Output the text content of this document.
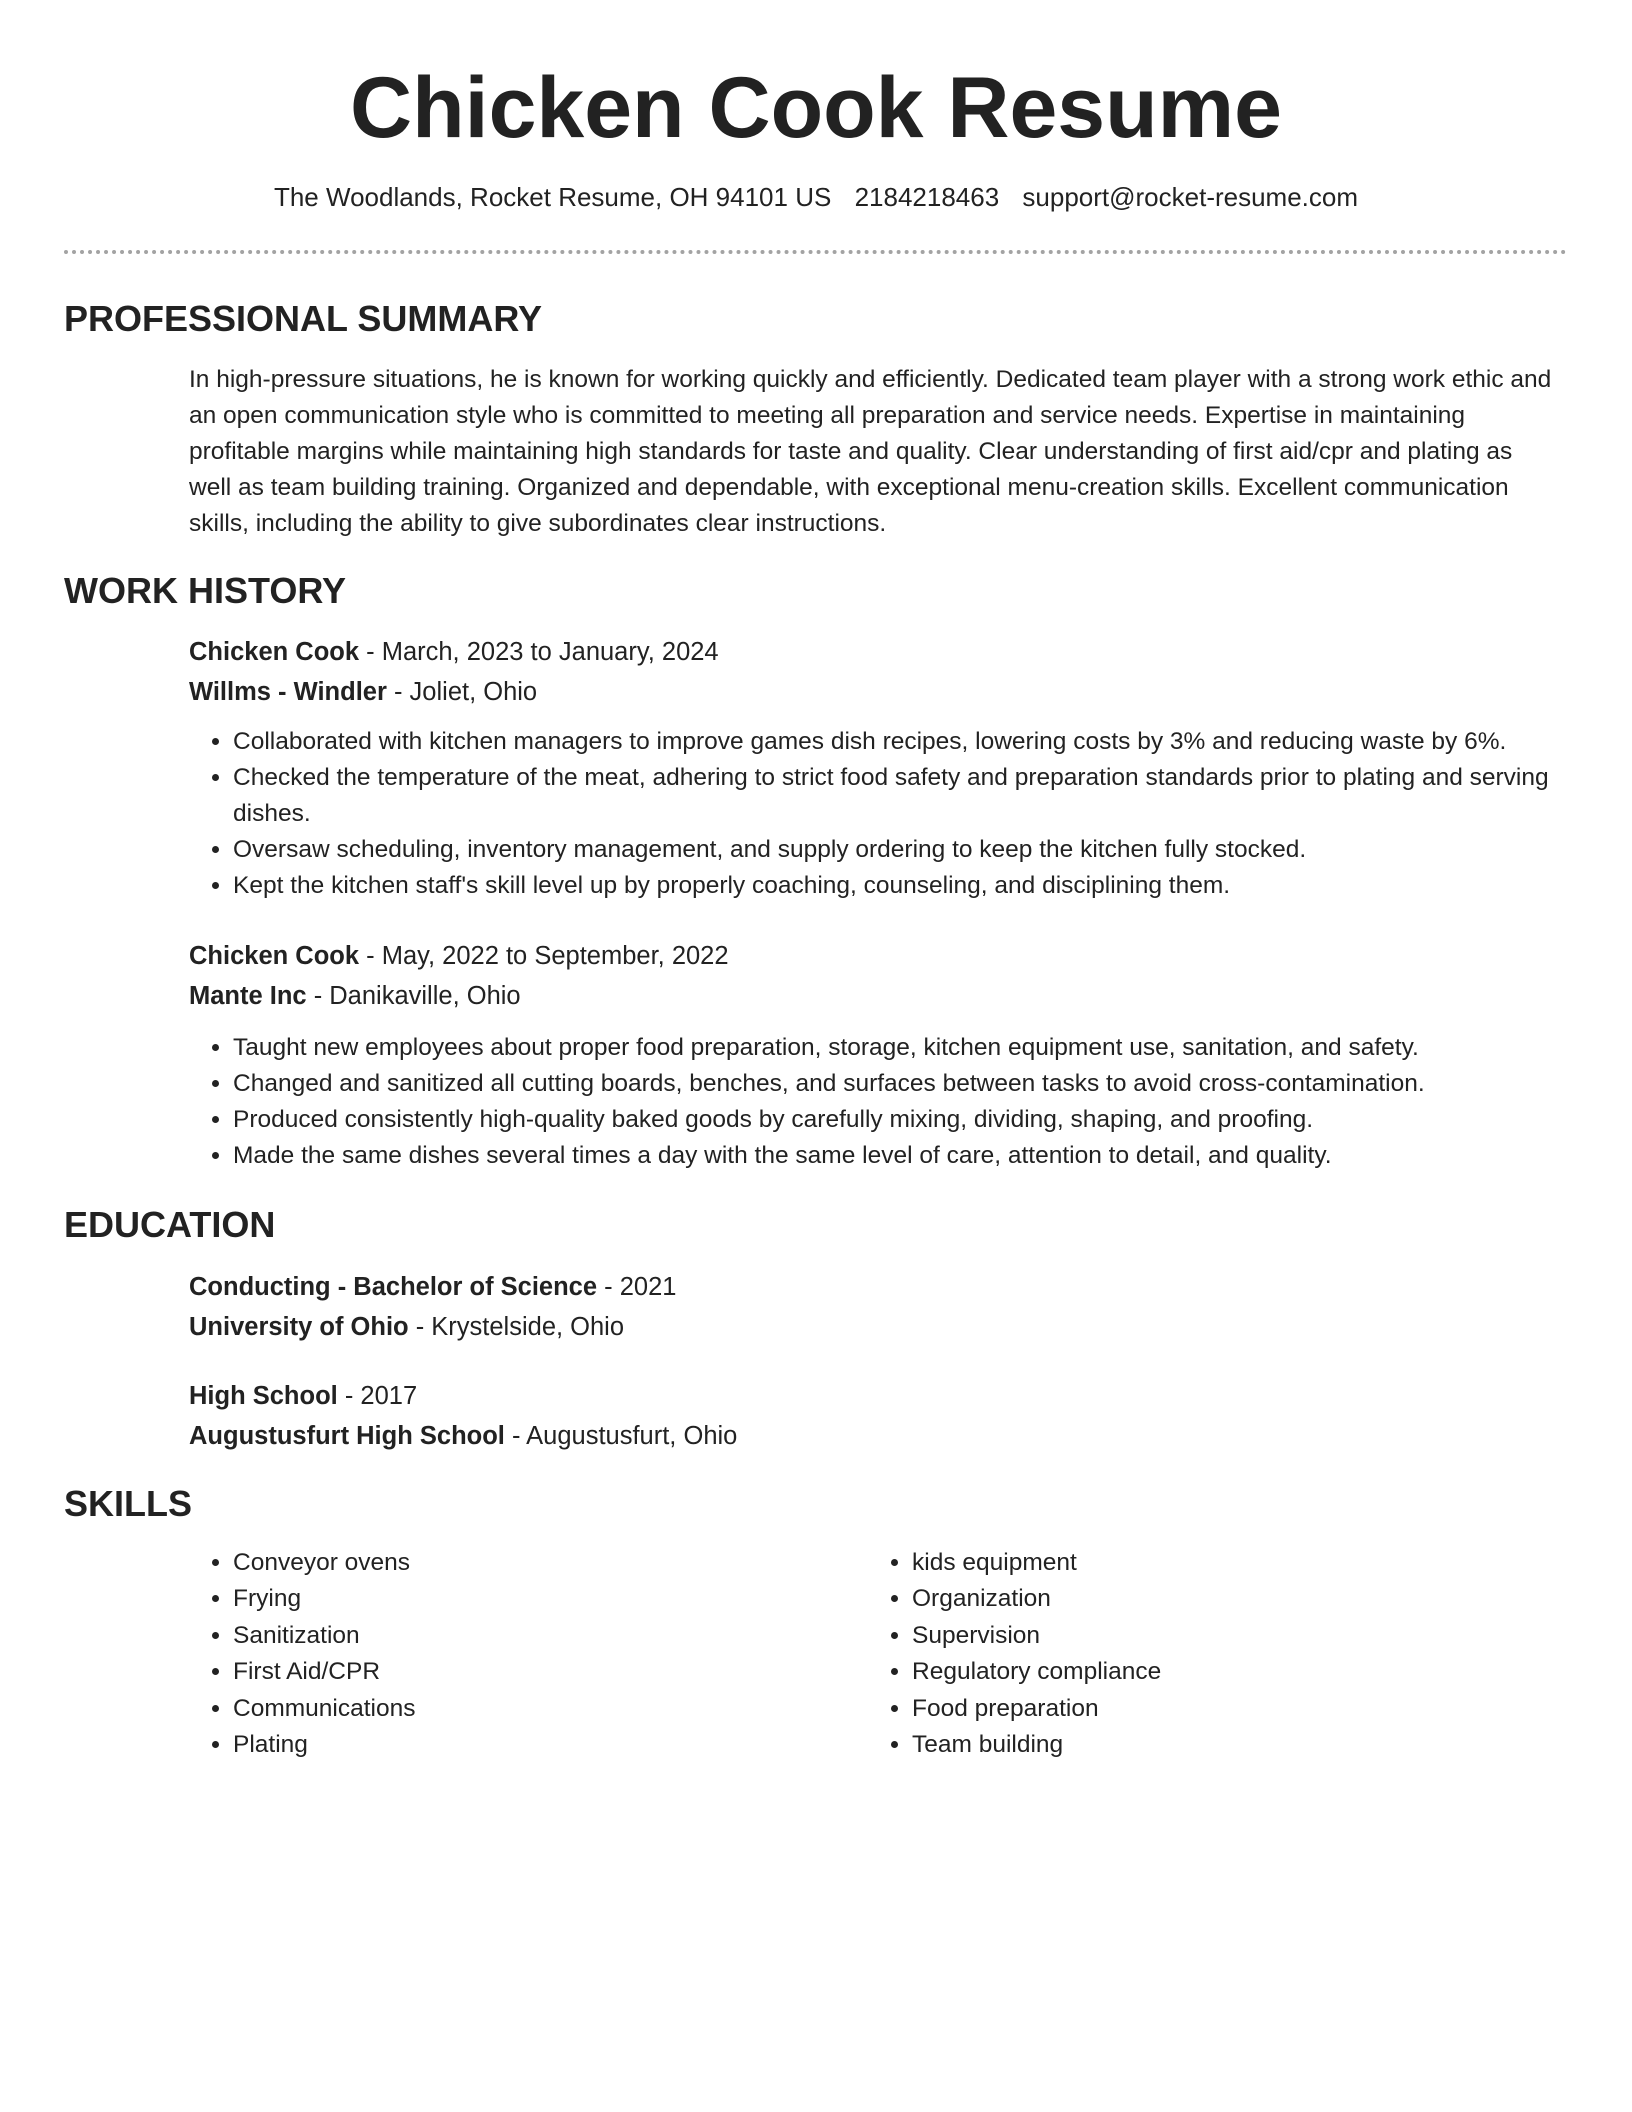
Chicken Cook Resume
The Woodlands, Rocket Resume, OH 94101 US 2184218463 support@rocket-resume.com
PROFESSIONAL SUMMARY

In high-pressure situations, he is known for working quickly and efficiently. Dedicated team player with a strong work ethic and an open communication style who is committed to meeting all preparation and service needs. Expertise in maintaining profitable margins while maintaining high standards for taste and quality. Clear understanding of first aid/cpr and plating as well as team building training. Organized and dependable, with exceptional menu-creation skills. Excellent communication skills, including the ability to give subordinates clear instructions.

WORK HISTORY
Chicken Cook - March, 2023 to January, 2024
Willms - Windler - Joliet, Ohio
• Collaborated with kitchen managers to improve games dish recipes, lowering costs by 3% and reducing waste by 6%.
• Checked the temperature of the meat, adhering to strict food safety and preparation standards prior to plating and serving dishes.
• Oversaw scheduling, inventory management, and supply ordering to keep the kitchen fully stocked.
• Kept the kitchen staff's skill level up by properly coaching, counseling, and disciplining them.
Chicken Cook - May, 2022 to September, 2022
Mante Inc - Danikaville, Ohio
• Taught new employees about proper food preparation, storage, kitchen equipment use, sanitation, and safety.
• Changed and sanitized all cutting boards, benches, and surfaces between tasks to avoid cross-contamination.
• Produced consistently high-quality baked goods by carefully mixing, dividing, shaping, and proofing.
• Made the same dishes several times a day with the same level of care, attention to detail, and quality.
EDUCATION
Conducting - Bachelor of Science - 2021
University of Ohio - Krystelside, Ohio
High School - 2017
Augustusfurt High School - Augustusfurt, Ohio
SKILLS
• Conveyor ovens
• Frying
• Sanitization
• First Aid/CPR
• Communications
• Plating
• kids equipment
• Organization
• Supervision
• Regulatory compliance
• Food preparation
• Team building
